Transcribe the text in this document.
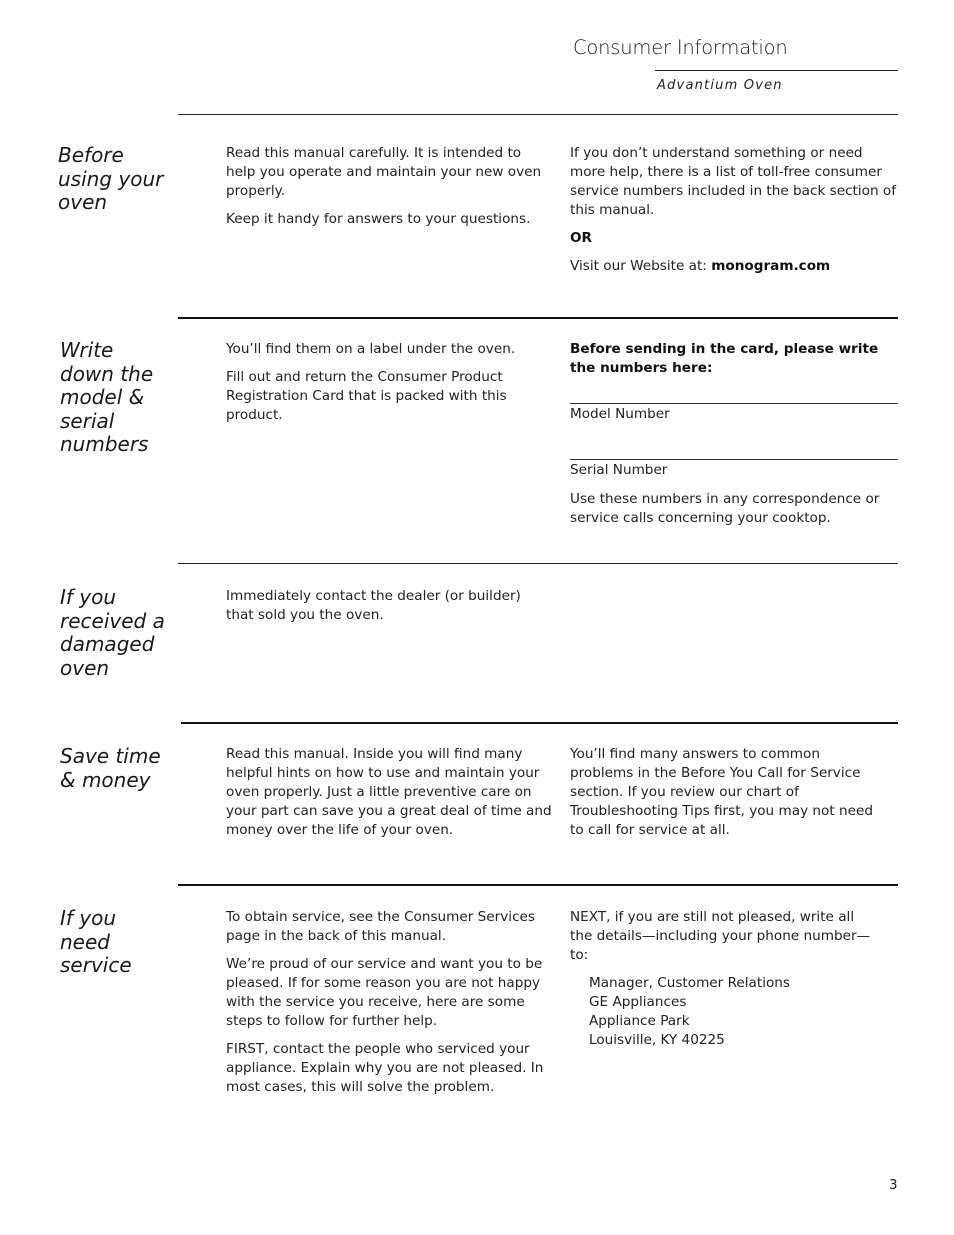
Consumer Information
Advantium Oven
Before
using your
oven

Read this manual carefully. It is intended to help you operate and maintain your new oven properly.

Keep it handy for answers to your questions.

If you don’t understand something or need more help, there is a list of toll-free consumer service numbers included in the back section of this manual.

OR

Visit our Website at: monogram.com

Write
down the
model &
serial
numbers

You’ll find them on a label under the oven.

Fill out and return the Consumer Product Registration Card that is packed with this product.

Before sending in the card, please write the numbers here:

Model Number
Serial Number
Use these numbers in any correspondence or service calls concerning your cooktop.
If you
received a
damaged
oven
Immediately contact the dealer (or builder) that sold you the oven.
Save time
& money
Read this manual. Inside you will find many helpful hints on how to use and maintain your oven properly. Just a little preventive care on your part can save you a great deal of time and money over the life of your oven.
You’ll find many answers to common problems in the Before You Call for Service section. If you review our chart of Troubleshooting Tips first, you may not need to call for service at all.
If you
need
service

To obtain service, see the Consumer Services page in the back of this manual.

We’re proud of our service and want you to be pleased. If for some reason you are not happy with the service you receive, here are some steps to follow for further help.

FIRST, contact the people who serviced your appliance. Explain why you are not pleased. In most cases, this will solve the problem.

NEXT, if you are still not pleased, write all the details—including your phone number—to:

Manager, Customer Relations
GE Appliances
Appliance Park
Louisville, KY 40225
3
